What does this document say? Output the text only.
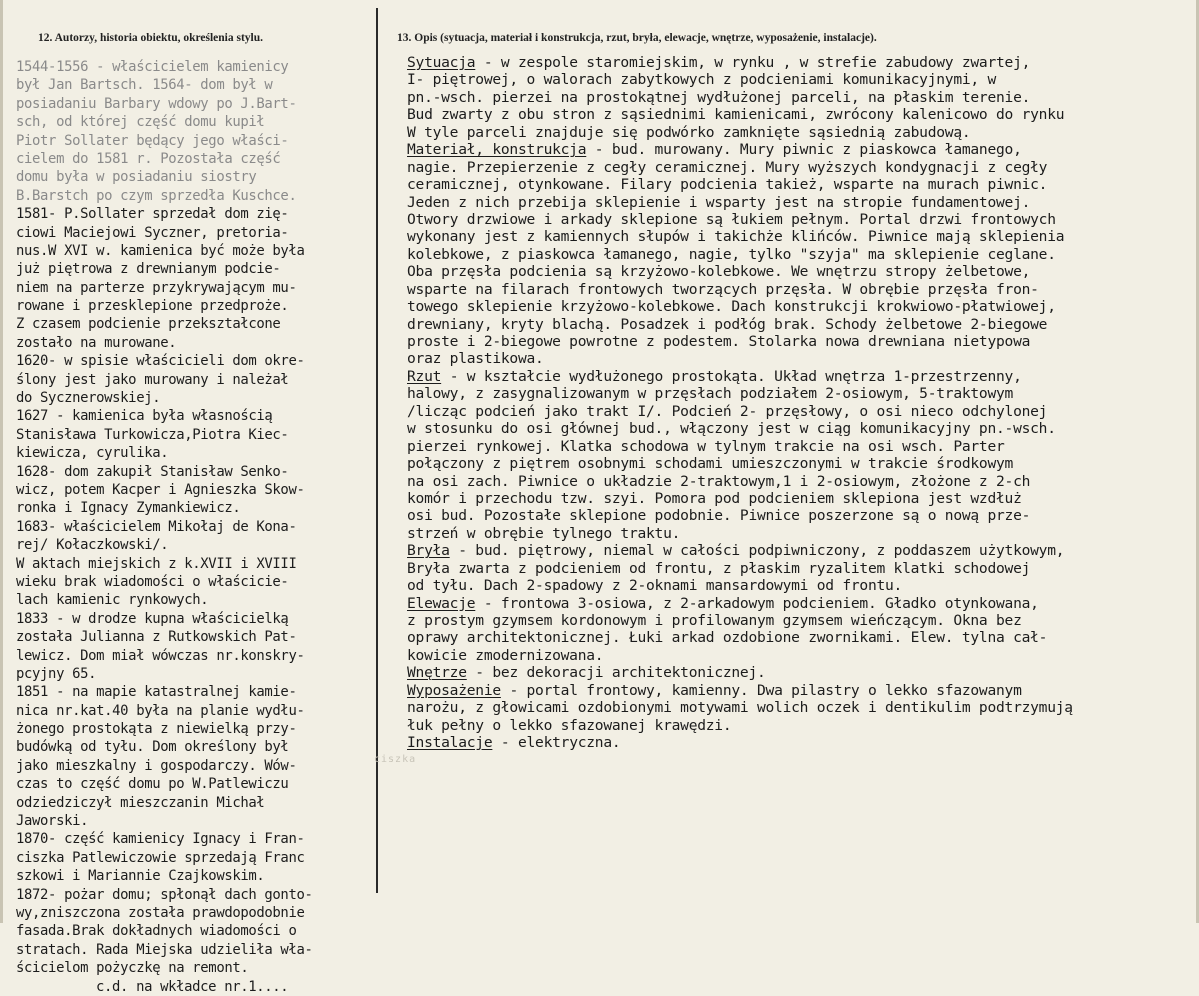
12. Autorzy, historia obiektu, określenia stylu.	13. Opis (sytuacja, materiał i konstrukcja, rzut, bryła, elewacje, wnętrze, wyposażenie, instalacje).
1544-1556 - właścicielem kamienicy
był Jan Bartsch. 1564- dom był w
posiadaniu Barbary wdowy po J.Bart-
sch, od której część domu kupił
Piotr Sollater będący jego właści-
cielem do 1581 r. Pozostała część
domu była w posiadaniu siostry
B.Barstch po czym sprzedła Kuschce.
1581- P.Sollater sprzedał dom zię-
ciowi Maciejowi Syczner, pretoria-
nus.W XVI w. kamienica być może była
już piętrowa z drewnianym podcie-
niem na parterze przykrywającym mu-
rowane i przesklepione przedproże.
Z czasem podcienie przekształcone
zostało na murowane.
1620- w spisie właścicieli dom okre-
ślony jest jako murowany i należał
do Sycznerowskiej.
1627 - kamienica była własnością
Stanisława Turkowicza,Piotra Kiec-
kiewicza, cyrulika.
1628- dom zakupił Stanisław Senko-
wicz, potem Kacper i Agnieszka Skow-
ronka i Ignacy Zymankiewicz.
1683- właścicielem Mikołaj de Kona-
rej/ Kołaczkowski/.
W aktach miejskich z k.XVII i XVIII
wieku brak wiadomości o właścicie-
lach kamienic rynkowych.
1833 - w drodze kupna właścicielką
została Julianna z Rutkowskich Pat-
lewicz. Dom miał wówczas nr.konskry-
pcyjny 65.
1851 - na mapie katastralnej kamie-
nica nr.kat.40 była na planie wydłu-
żonego prostokąta z niewielką przy-
budówką od tyłu. Dom określony był
jako mieszkalny i gospodarczy. Wów-
czas to część domu po W.Patlewiczu
odziedziczył mieszczanin Michał
Jaworski.
1870- część kamienicy Ignacy i Fran-
ciszka Patlewiczowie sprzedają Franc
szkowi i Mariannie Czajkowskim.
1872- pożar domu; spłonął dach gonto-
wy,zniszczona została prawdopodobnie
fasada.Brak dokładnych wiadomości o
stratach. Rada Miejska udzieliła wła-
ścicielom pożyczkę na remont.
c.d. na wkładce nr.1....
Sytuacja - w zespole staromiejskim, w rynku , w strefie zabudowy zwartej,
I- piętrowej, o walorach zabytkowych z podcieniami komunikacyjnymi, w
pn.-wsch. pierzei na prostokątnej wydłużonej parceli, na płaskim terenie.
Bud zwarty z obu stron z sąsiednimi kamienicami, zwrócony kalenicowo do rynku
W tyle parceli znajduje się podwórko zamknięte sąsiednią zabudową.
Materiał, konstrukcja - bud. murowany. Mury piwnic z piaskowca łamanego,
nagie. Przepierzenie z cegły ceramicznej. Mury wyższych kondygnacji z cegły
ceramicznej, otynkowane. Filary podcienia takież, wsparte na murach piwnic.
Jeden z nich przebija sklepienie i wsparty jest na stropie fundamentowej.
Otwory drzwiowe i arkady sklepione są łukiem pełnym. Portal drzwi frontowych
wykonany jest z kamiennych słupów i takichże klińców. Piwnice mają sklepienia
kolebkowe, z piaskowca łamanego, nagie, tylko "szyja" ma sklepienie ceglane.
Oba przęsła podcienia są krzyżowo-kolebkowe. We wnętrzu stropy żelbetowe,
wsparte na filarach frontowych tworzących przęsła. W obrębie przęsła fron-
towego sklepienie krzyżowo-kolebkowe. Dach konstrukcji krokwiowo-płatwiowej,
drewniany, kryty blachą. Posadzek i podłóg brak. Schody żelbetowe 2-biegowe
proste i 2-biegowe powrotne z podestem. Stolarka nowa drewniana nietypowa
oraz plastikowa.
Rzut - w kształcie wydłużonego prostokąta. Układ wnętrza 1-przestrzenny,
halowy, z zasygnalizowanym w przęsłach podziałem 2-osiowym, 5-traktowym
/licząc podcień jako trakt I/. Podcień 2- przęsłowy, o osi nieco odchylonej
w stosunku do osi głównej bud., włączony jest w ciąg komunikacyjny pn.-wsch.
pierzei rynkowej. Klatka schodowa w tylnym trakcie na osi wsch. Parter
połączony z piętrem osobnymi schodami umieszczonymi w trakcie środkowym
na osi zach. Piwnice o układzie 2-traktowym,1 i 2-osiowym, złożone z 2-ch
komór i przechodu tzw. szyi. Pomora pod podcieniem sklepiona jest wzdłuż
osi bud. Pozostałe sklepione podobnie. Piwnice poszerzone są o nową prze-
strzeń w obrębie tylnego traktu.
Bryła - bud. piętrowy, niemal w całości podpiwniczony, z poddaszem użytkowym,
Bryła zwarta z podcieniem od frontu, z płaskim ryzalitem klatki schodowej
od tyłu. Dach 2-spadowy z 2-oknami mansardowymi od frontu.
Elewacje - frontowa 3-osiowa, z 2-arkadowym podcieniem. Gładko otynkowana,
z prostym gzymsem kordonowym i profilowanym gzymsem wieńczącym. Okna bez
oprawy architektonicznej. Łuki arkad ozdobione zwornikami. Elew. tylna cał-
kowicie zmodernizowana.
Wnętrze - bez dekoracji architektonicznej.
Wyposażenie - portal frontowy, kamienny. Dwa pilastry o lekko sfazowanym
narożu, z głowicami ozdobionymi motywami wolich oczek i dentikulim podtrzymują
łuk pełny o lekko sfazowanej krawędzi.
Instalacje - elektryczna.
ciszka
